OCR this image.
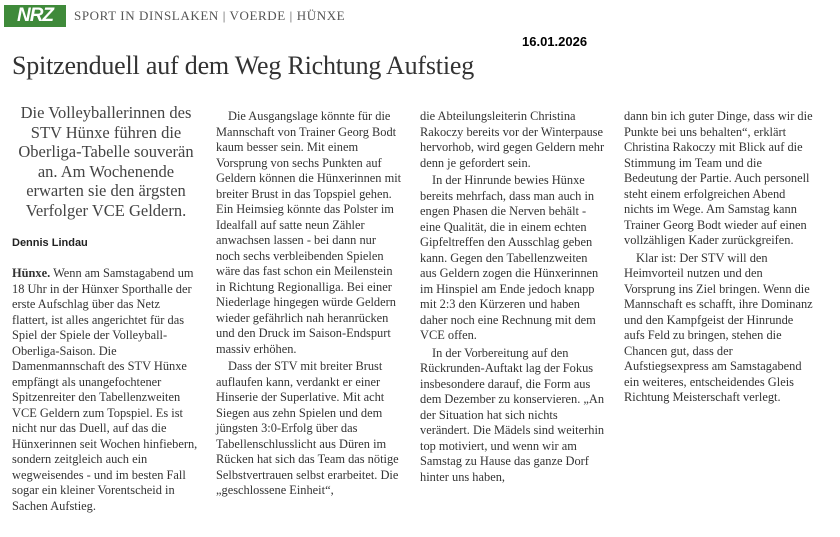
NRZ	SPORT IN DINSLAKEN | VOERDE | HÜNXE
16.01.2026
Spitzenduell auf dem Weg Richtung Aufstieg
Die Volleyballerinnen des STV Hünxe führen die Oberliga-Tabelle souverän an. Am Wochenende erwarten sie den ärgsten Verfolger VCE Geldern.
Dennis Lindau

Hünxe. Wenn am Samstagabend um 18 Uhr in der Hünxer Sporthalle der erste Aufschlag über das Netz flattert, ist alles angerichtet für das Spiel der Spiele der Volleyball-Oberliga-Saison. Die Damenmannschaft des STV Hünxe empfängt als unangefochtener Spitzenreiter den Tabellenzweiten VCE Geldern zum Topspiel. Es ist nicht nur das Duell, auf das die Hünxerinnen seit Wochen hinfiebern, sondern zeitgleich auch ein wegweisendes - und im besten Fall sogar ein kleiner Vorentscheid in Sachen Aufstieg.

Die Ausgangslage könnte für die Mannschaft von Trainer Georg Bodt kaum besser sein. Mit einem Vorsprung von sechs Punkten auf Geldern können die Hünxerinnen mit breiter Brust in das Topspiel gehen. Ein Heimsieg könnte das Polster im Idealfall auf satte neun Zähler anwachsen lassen - bei dann nur noch sechs verbleibenden Spielen wäre das fast schon ein Meilenstein in Richtung Regionalliga. Bei einer Niederlage hingegen würde Geldern wieder gefährlich nah heranrücken und den Druck im Saison-Endspurt massiv erhöhen.

Dass der STV mit breiter Brust auflaufen kann, verdankt er einer Hinserie der Superlative. Mit acht Siegen aus zehn Spielen und dem jüngsten 3:0-Erfolg über das Tabellenschlusslicht aus Düren im Rücken hat sich das Team das nötige Selbstvertrauen selbst erarbeitet. Die „geschlossene Einheit“,

die Abteilungsleiterin Christina Rakoczy bereits vor der Winterpause hervorhob, wird gegen Geldern mehr denn je gefordert sein.

In der Hinrunde bewies Hünxe bereits mehrfach, dass man auch in engen Phasen die Nerven behält - eine Qualität, die in einem echten Gipfeltreffen den Ausschlag geben kann. Gegen den Tabellenzweiten aus Geldern zogen die Hünxerinnen im Hinspiel am Ende jedoch knapp mit 2:3 den Kürzeren und haben daher noch eine Rechnung mit dem VCE offen.

In der Vorbereitung auf den Rückrunden-Auftakt lag der Fokus insbesondere darauf, die Form aus dem Dezember zu konservieren. „An der Situation hat sich nichts verändert. Die Mädels sind weiterhin top motiviert, und wenn wir am Samstag zu Hause das ganze Dorf hinter uns haben,

dann bin ich guter Dinge, dass wir die Punkte bei uns behalten“, erklärt Christina Rakoczy mit Blick auf die Stimmung im Team und die Bedeutung der Partie. Auch personell steht einem erfolgreichen Abend nichts im Wege. Am Samstag kann Trainer Georg Bodt wieder auf einen vollzähligen Kader zurückgreifen.

Klar ist: Der STV will den Heimvorteil nutzen und den Vorsprung ins Ziel bringen. Wenn die Mannschaft es schafft, ihre Dominanz und den Kampfgeist der Hinrunde aufs Feld zu bringen, stehen die Chancen gut, dass der Aufstiegsexpress am Samstagabend ein weiteres, entscheidendes Gleis Richtung Meisterschaft verlegt.
